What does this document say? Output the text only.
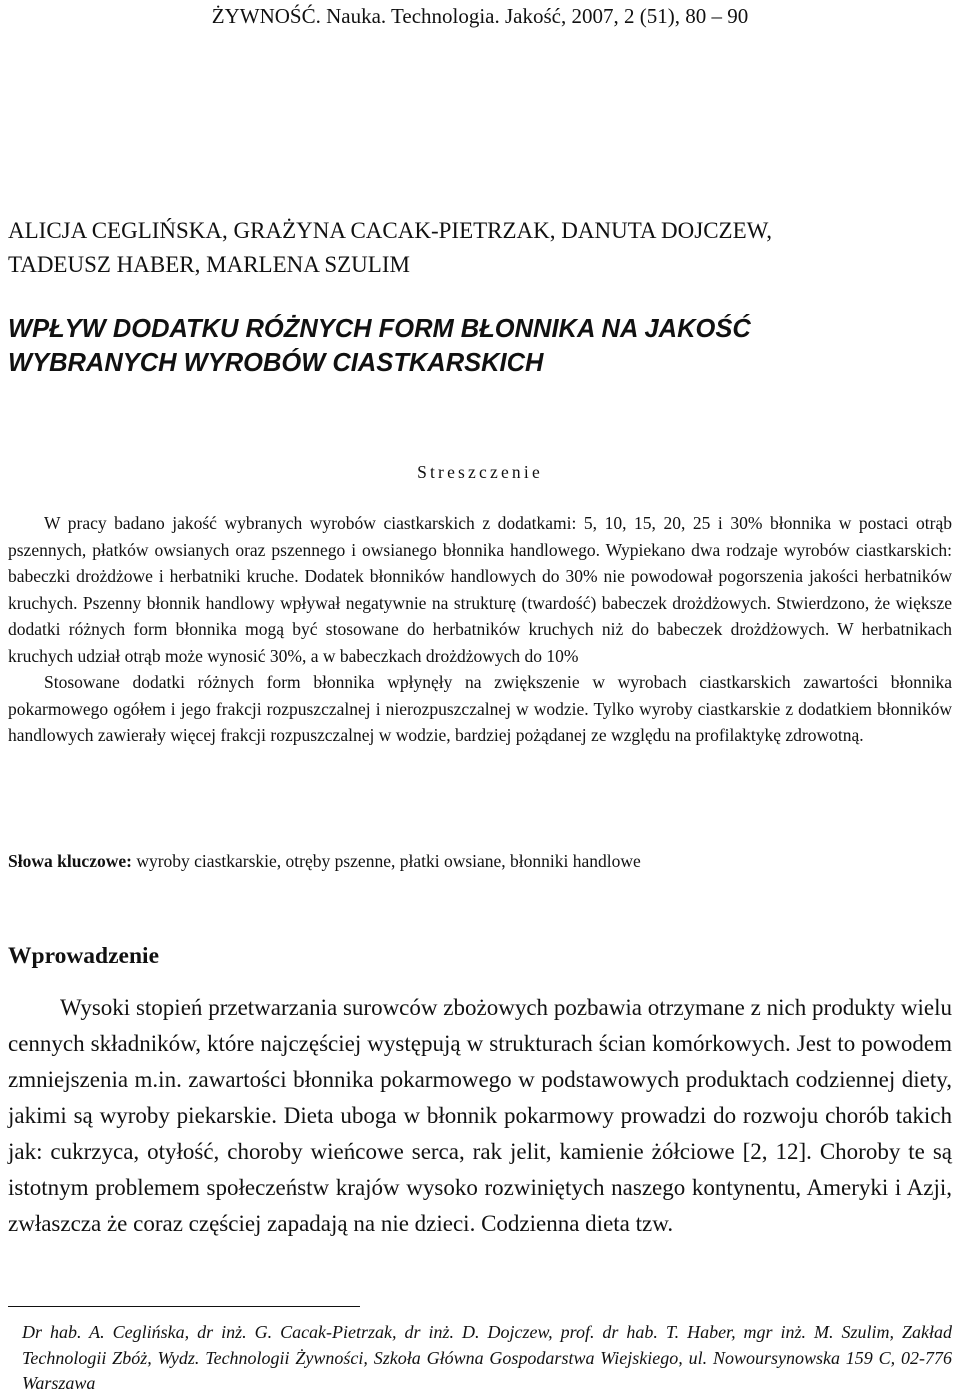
ŻYWNOŚĆ. Nauka. Technologia. Jakość, 2007, 2 (51), 80 – 90
ALICJA CEGLIŃSKA, GRAŻYNA CACAK-PIETRZAK, DANUTA DOJCZEW,
TADEUSZ HABER, MARLENA SZULIM
WPŁYW DODATKU RÓŻNYCH FORM BŁONNIKA NA JAKOŚĆ
WYBRANYCH WYROBÓW CIASTKARSKICH
Streszczenie

W pracy badano jakość wybranych wyrobów ciastkarskich z dodatkami: 5, 10, 15, 20, 25 i 30% błonnika w postaci otrąb pszennych, płatków owsianych oraz pszennego i owsianego błonnika handlowego. Wypiekano dwa rodzaje wyrobów ciastkarskich: babeczki drożdżowe i herbatniki kruche. Dodatek błonników handlowych do 30% nie powodował pogorszenia jakości herbatników kruchych. Pszenny błonnik handlowy wpływał negatywnie na strukturę (twardość) babeczek drożdżowych. Stwierdzono, że większe dodatki różnych form błonnika mogą być stosowane do herbatników kruchych niż do babeczek drożdżowych. W herbatnikach kruchych udział otrąb może wynosić 30%, a w babeczkach drożdżowych do 10%

Stosowane dodatki różnych form błonnika wpłynęły na zwiększenie w wyrobach ciastkarskich zawartości błonnika pokarmowego ogółem i jego frakcji rozpuszczalnej i nierozpuszczalnej w wodzie. Tylko wyroby ciastkarskie z dodatkiem błonników handlowych zawierały więcej frakcji rozpuszczalnej w wodzie, bardziej pożądanej ze względu na profilaktykę zdrowotną.

Słowa kluczowe: wyroby ciastkarskie, otręby pszenne, płatki owsiane, błonniki handlowe
Wprowadzenie

Wysoki stopień przetwarzania surowców zbożowych pozbawia otrzymane z nich produkty wielu cennych składników, które najczęściej występują w strukturach ścian komórkowych. Jest to powodem zmniejszenia m.in. zawartości błonnika pokarmowego w podstawowych produktach codziennej diety, jakimi są wyroby piekarskie. Dieta uboga w błonnik pokarmowy prowadzi do rozwoju chorób takich jak: cukrzyca, otyłość, choroby wieńcowe serca, rak jelit, kamienie żółciowe [2, 12]. Choroby te są istotnym problemem społeczeństw krajów wysoko rozwiniętych naszego kontynentu, Ameryki i Azji, zwłaszcza że coraz częściej zapadają na nie dzieci. Codzienna dieta tzw.

Dr hab. A. Ceglińska, dr inż. G. Cacak-Pietrzak, dr inż. D. Dojczew, prof. dr hab. T. Haber, mgr inż. M. Szulim, Zakład Technologii Zbóż, Wydz. Technologii Żywności, Szkoła Główna Gospodarstwa Wiejskiego, ul. Nowoursynowska 159 C, 02-776 Warszawa
